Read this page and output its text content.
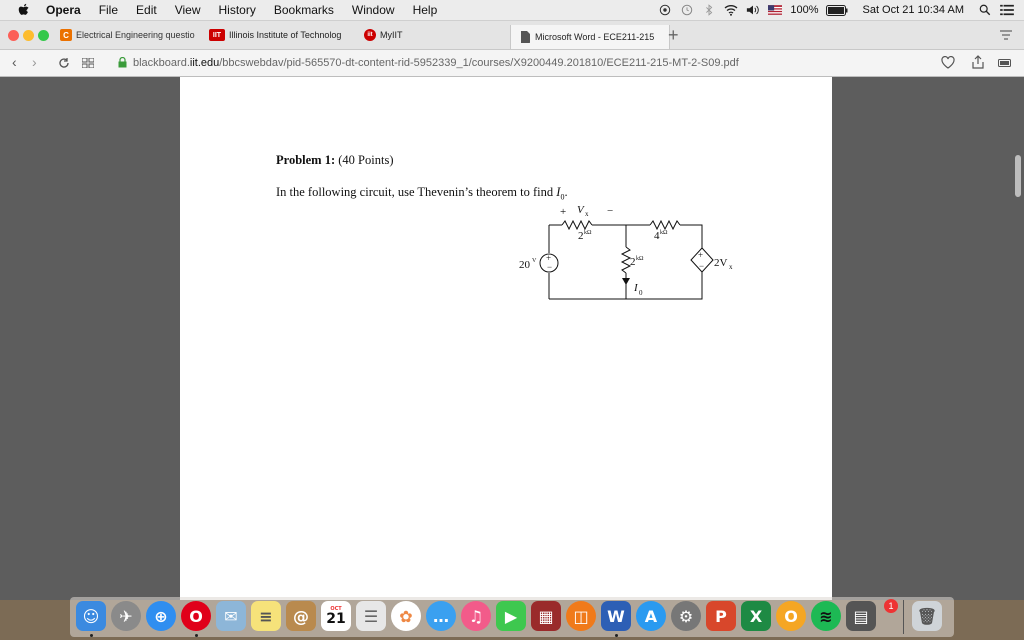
Opera	File	Edit	View	History	Bookmarks	Window	Help	100%	Sat Oct 21 10:34 AM
C Electrical Engineering questio	IIT Illinois Institute of Technolog	iit MyIIT	Microsoft Word - ECE211-215 +
‹ ›	blackboard. iit.edu /bbcswebdav/pid-565570-dt-content-rid-5952339_1/courses/X9200449.201810/ECE211-215-MT-2-S09.pdf
Problem 1: (40 Points)
In the following circuit, use Thevenin’s theorem to find $I_0$.
+
−
+
−
+ V x −
2 kΩ	4 kΩ
2 kΩ
20 V	2V x
I 0
☺	✈	⊕	O	✉	≡	@	OCT
21	☰	✿	…	♫	▶	▦	◫	W	A	⚙	P	X	O	≋	▤
1
🗑
